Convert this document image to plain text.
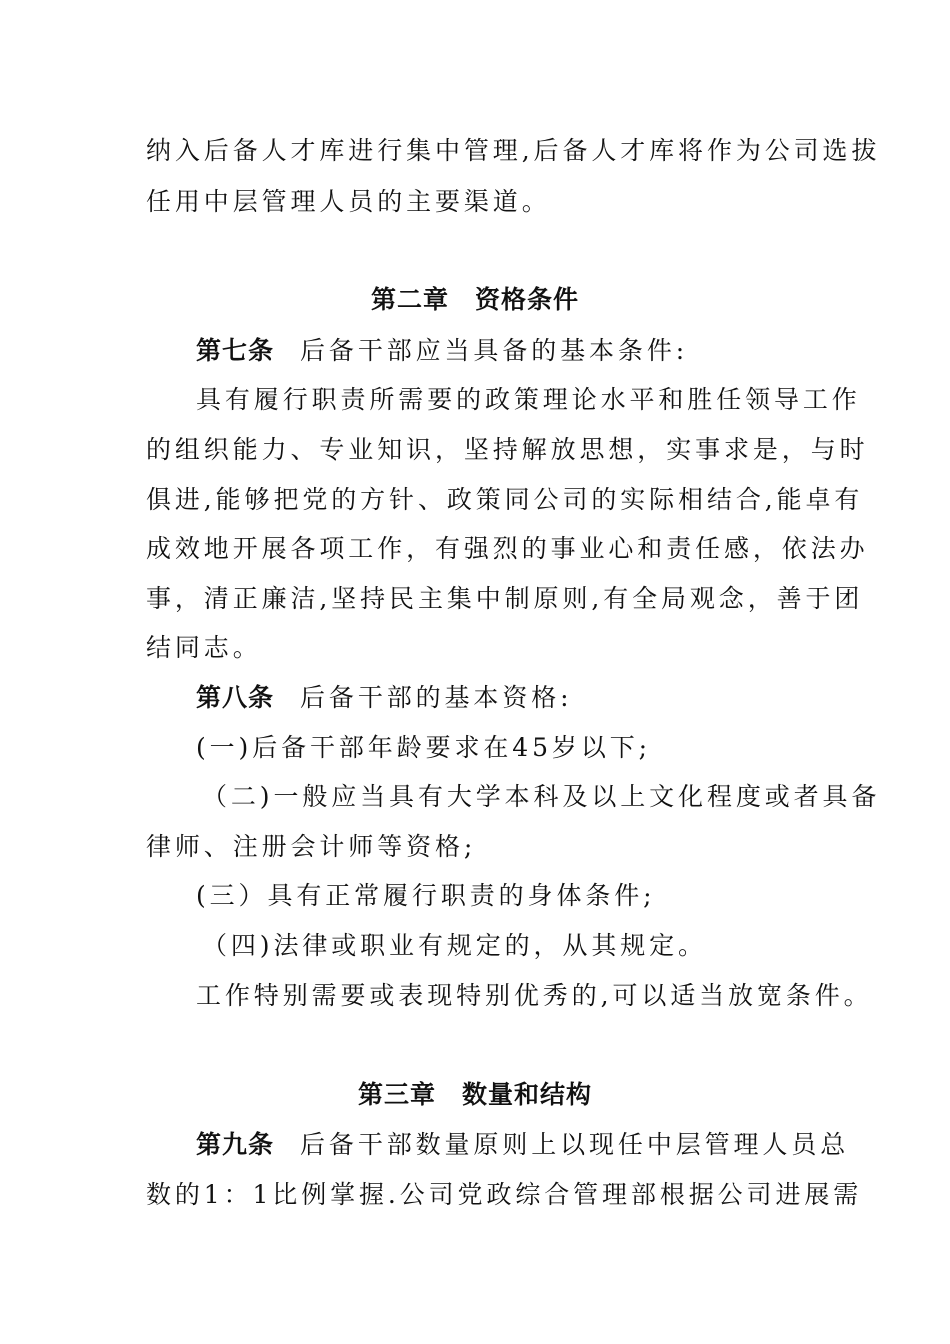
纳入后备人才库进行集中管理,后备人才库将作为公司选拔
任用中层管理人员的主要渠道。
第二章　资格条件
第七条 后备干部应当具备的基本条件:
具有履行职责所需要的政策理论水平和胜任领导工作
的组织能力、专业知识，坚持解放思想，实事求是，与时
俱进,能够把党的方针、政策同公司的实际相结合,能卓有
成效地开展各项工作，有强烈的事业心和责任感，依法办
事，清正廉洁,坚持民主集中制原则,有全局观念，善于团
结同志。
第八条 后备干部的基本资格:
(一)后备干部年龄要求在45岁以下;
（二)一般应当具有大学本科及以上文化程度或者具备
律师、注册会计师等资格;
(三）具有正常履行职责的身体条件;
（四)法律或职业有规定的，从其规定。
工作特别需要或表现特别优秀的,可以适当放宽条件。
第三章　数量和结构
第九条 后备干部数量原则上以现任中层管理人员总
数的1：1比例掌握.公司党政综合管理部根据公司进展需
